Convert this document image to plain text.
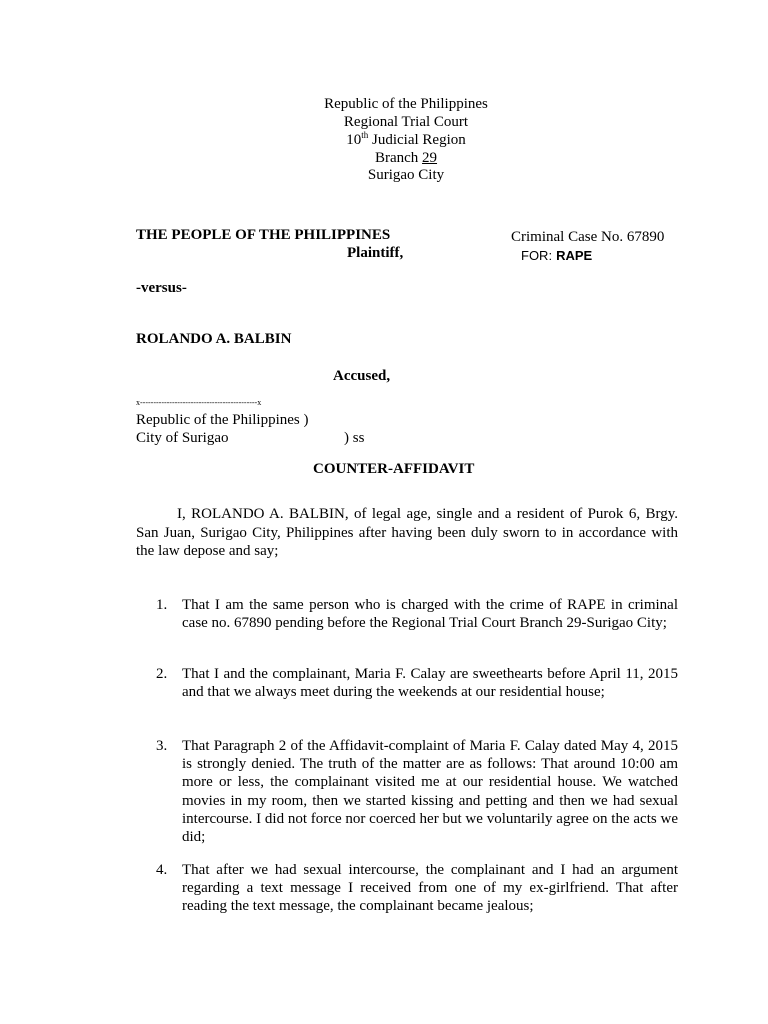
Republic of the Philippines
Regional Trial Court
10th Judicial Region
Branch 29
Surigao City
THE PEOPLE OF THE PHILIPPINES
Plaintiff,
Criminal Case No. 67890
FOR: RAPE
-versus-
ROLANDO A. BALBIN
Accused,
x--------------------------------------------x
Republic of the Philippines )
City of Surigao	) ss
COUNTER-AFFIDAVIT
I, ROLANDO A. BALBIN, of legal age, single and a resident of Purok 6, Brgy. San Juan, Surigao City, Philippines after having been duly sworn to in accordance with the law depose and say;
1. That I am the same person who is charged with the crime of RAPE in criminal case no. 67890 pending before the Regional Trial Court Branch 29-Surigao City;
2. That I and the complainant, Maria F. Calay are sweethearts before April 11, 2015 and that we always meet during the weekends at our residential house;
3. That Paragraph 2 of the Affidavit-complaint of Maria F. Calay dated May 4, 2015 is strongly denied. The truth of the matter are as follows: That around 10:00 am more or less, the complainant visited me at our residential house. We watched movies in my room, then we started kissing and petting and then we had sexual intercourse. I did not force nor coerced her but we voluntarily agree on the acts we did;
4. That after we had sexual intercourse, the complainant and I had an argument regarding a text message I received from one of my ex-girlfriend. That after reading the text message, the complainant became jealous;
